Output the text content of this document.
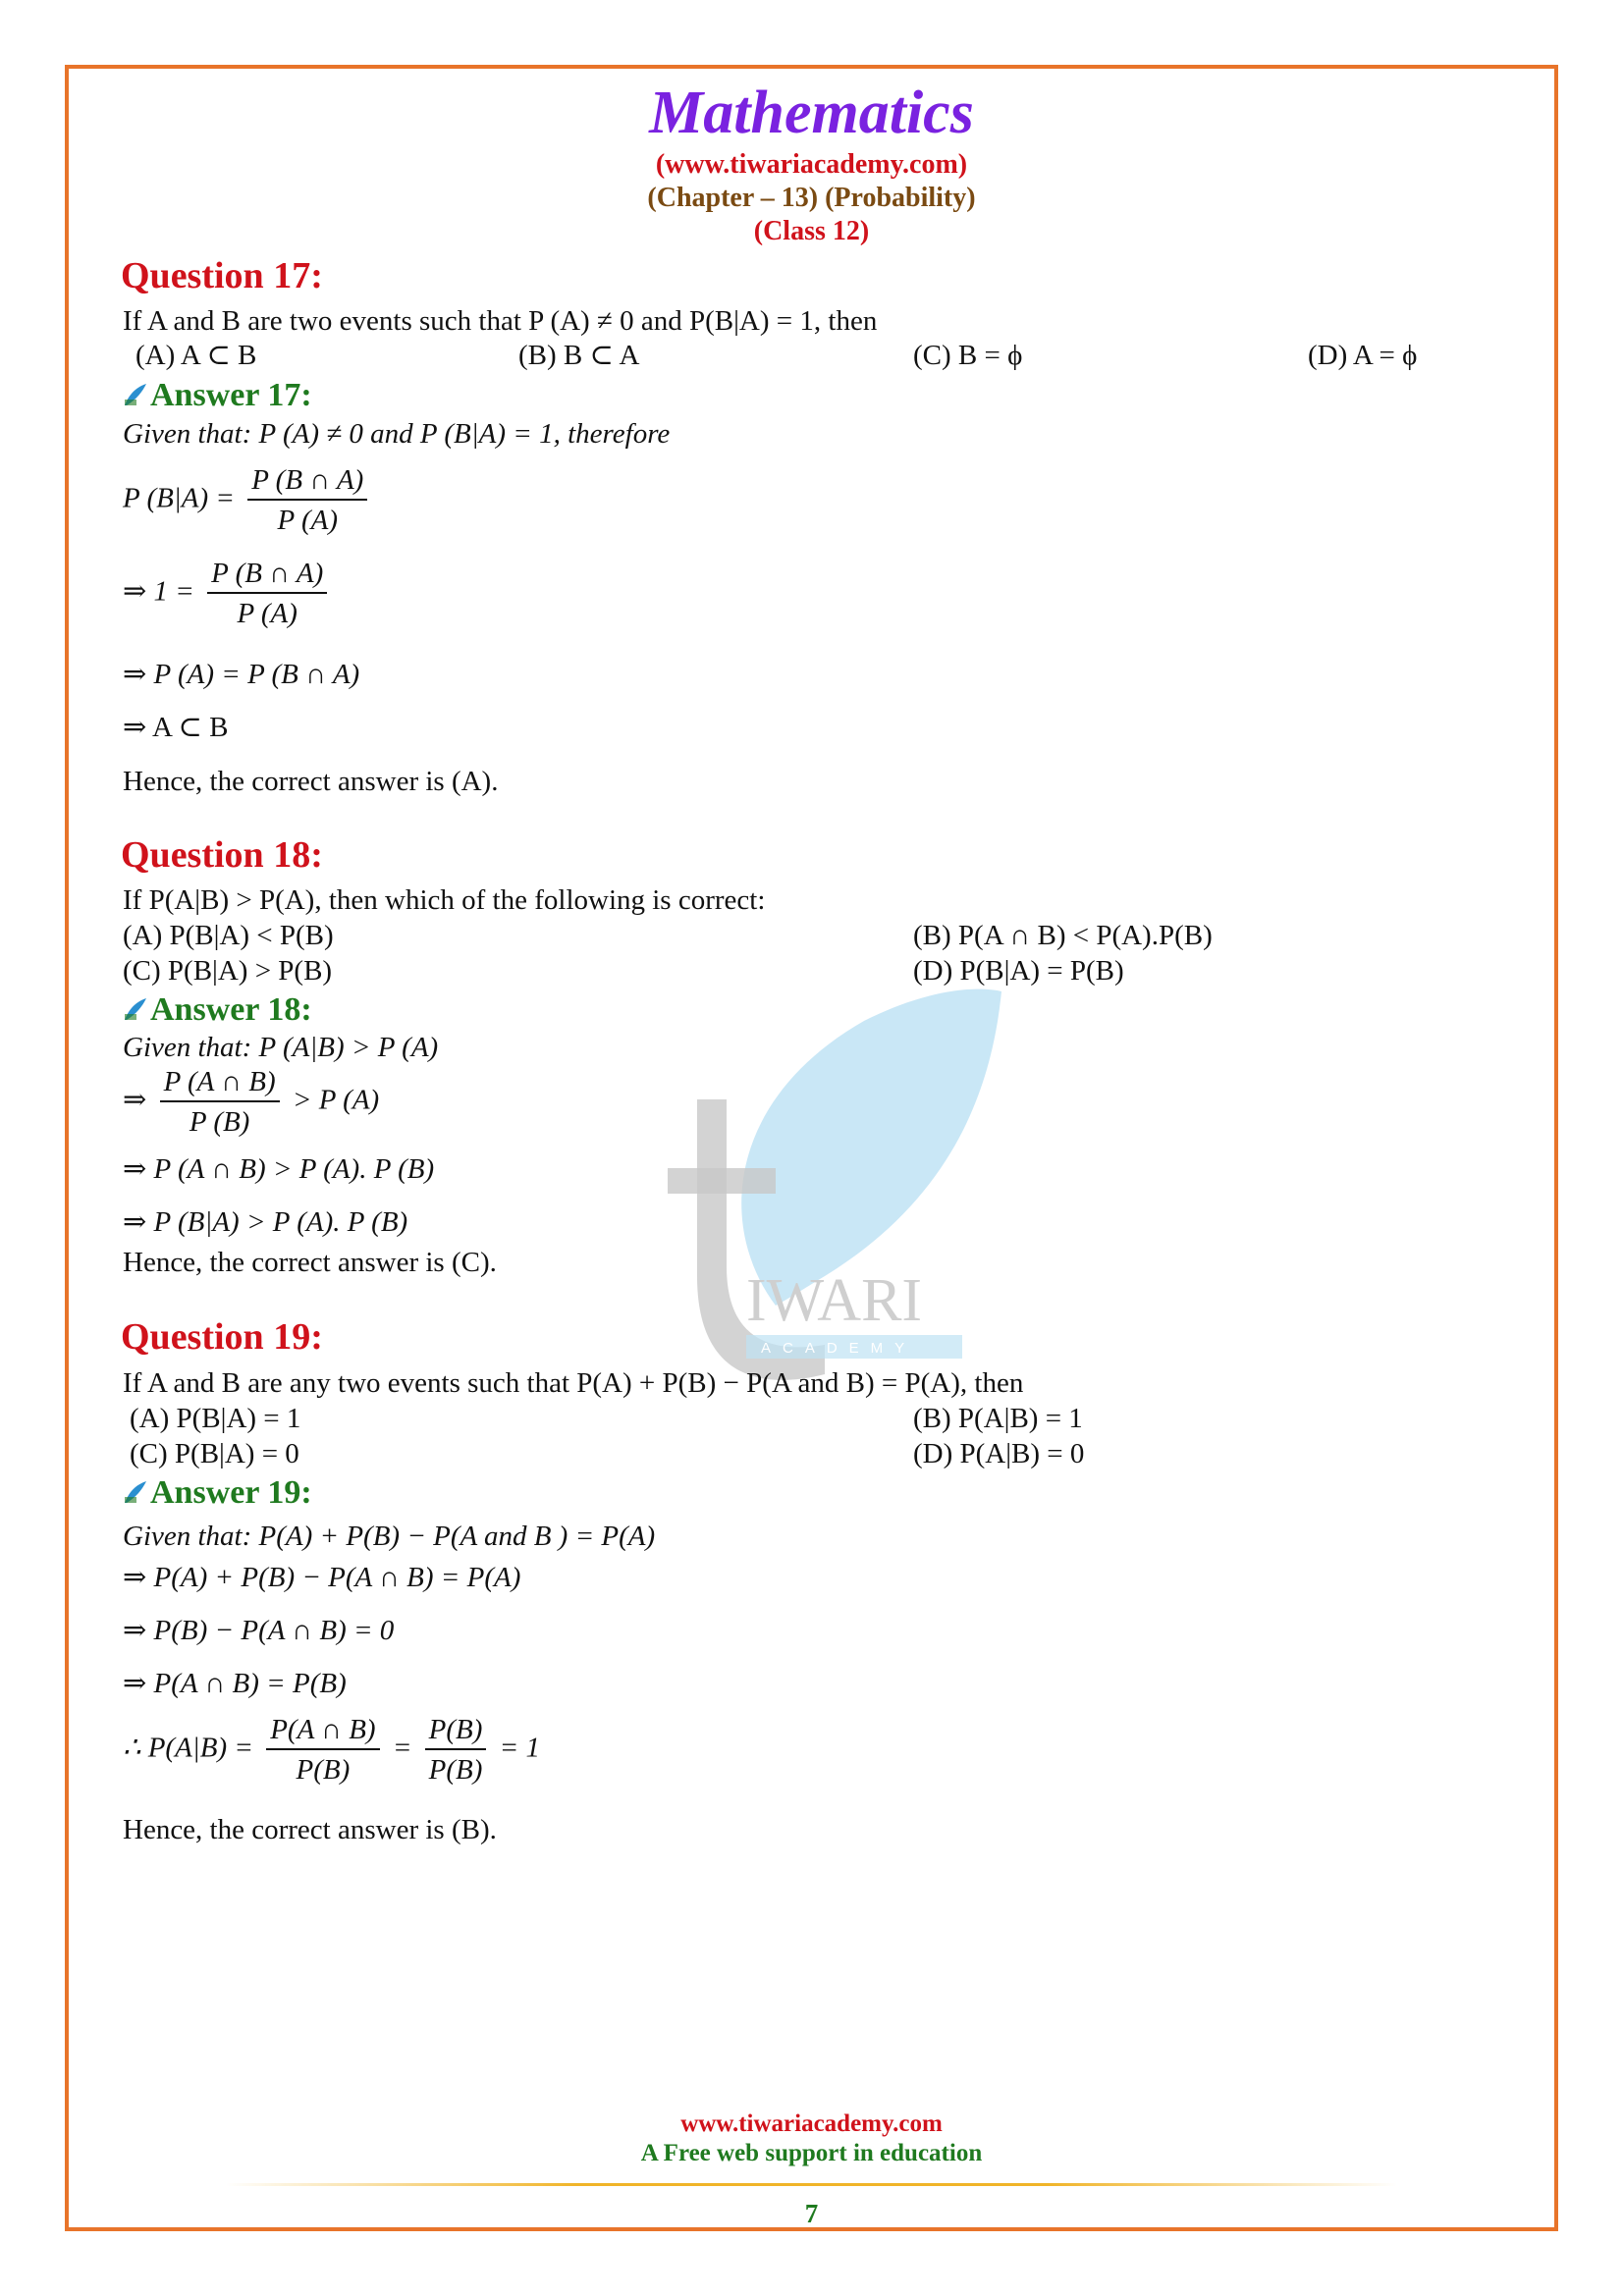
IWARI
ACADEMY
Mathematics
(www.tiwariacademy.com)
(Chapter – 13) (Probability)
(Class 12)
Question 17:
If A and B are two events such that P (A) ≠ 0 and P(B|A) = 1, then
(A) A ⊂ B	(B) B ⊂ A	(C) B = ϕ	(D) A = ϕ
Answer 17:
Given that: P (A) ≠ 0 and P (B|A) = 1, therefore
P $(B|A) = \frac{P (B \cap A)}{P (A)}$
⇒ $1 = \frac{P (B \cap A)}{P (A)}$
⇒ P (A) = P (B ∩ A)
⇒ A ⊂ B
Hence, the correct answer is (A).
Question 18:
If P(A|B) > P(A), then which of the following is correct:
(A) P(B|A) < P(B)	(B) P(A ∩ B) < P(A).P(B)
(C) P(B|A) > P(B)	(D) P(B|A) = P(B)
Answer 18:
Given that: P (A|B) > P (A)
⇒ $\frac{P (A \cap B)}{P (B)} > P$ (A)
⇒ P (A ∩ B) > P (A). P (B)
⇒ P (B|A) > P (A). P (B)
Hence, the correct answer is (C).
Question 19:
If A and B are any two events such that P(A) + P(B) − P(A and B) = P(A), then
(A) P(B|A) = 1	(B) P(A|B) = 1
(C) P(B|A) = 0	(D) P(A|B) = 0
Answer 19:
Given that: P(A) + P(B) − P(A and B ) = P(A)
⇒ P(A) + P(B) − P(A ∩ B) = P(A)
⇒ P(B) − P(A ∩ B) = 0
⇒ P(A ∩ B) = P(B)
∴ $P(A|B) = \frac{P(A \cap B)}{P(B)} = \frac{P(B)}{P(B)} = 1$
Hence, the correct answer is (B).
www.tiwariacademy.com
A Free web support in education
7
